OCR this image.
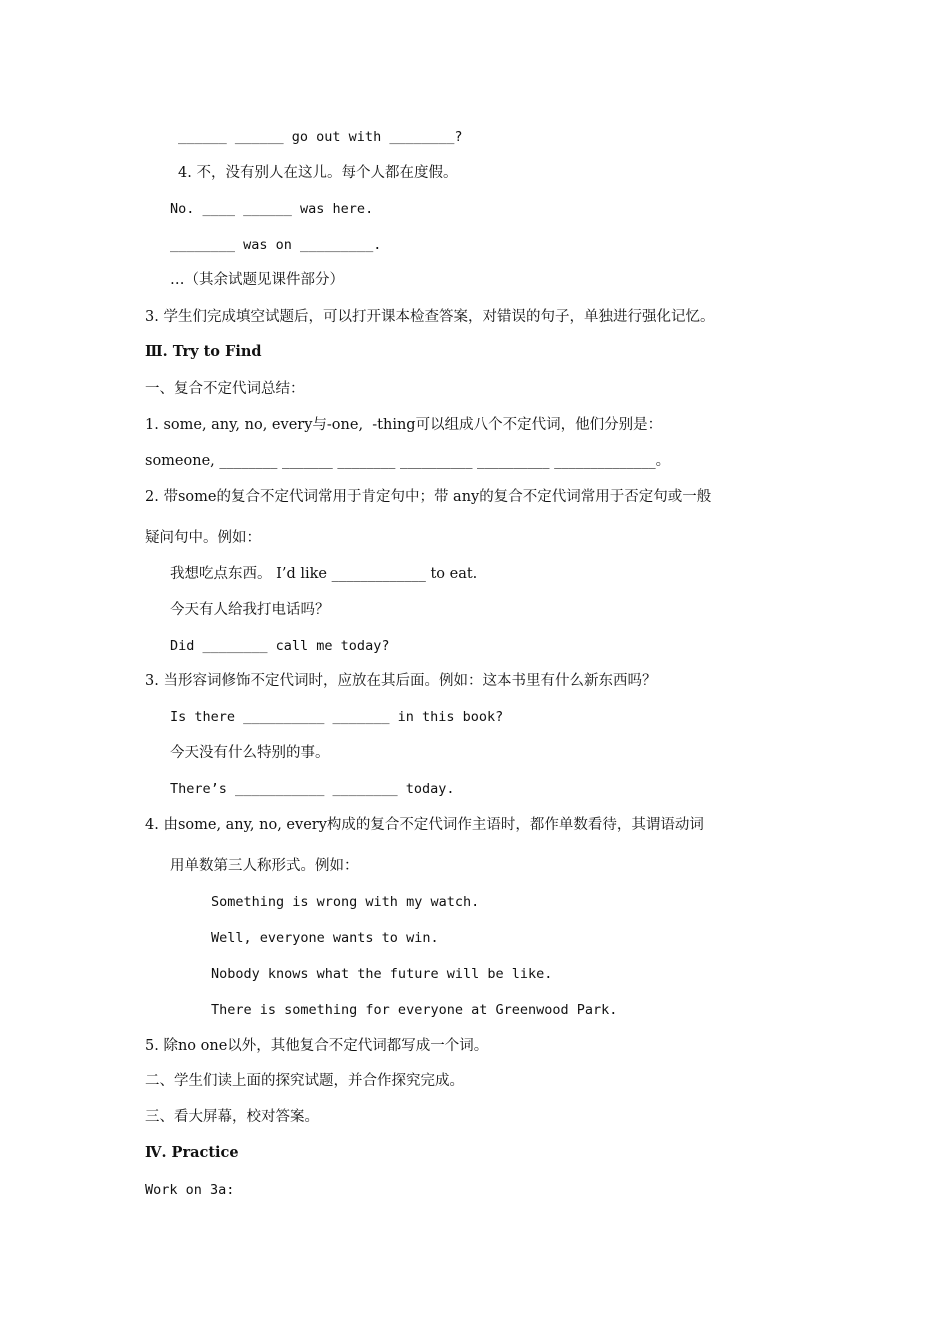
______ ______ go out with ________?
4. 不，没有别人在这儿。每个人都在度假。
No. ____ ______ was here.
________ was on _________.
…（其余试题见课件部分）
3. 学生们完成填空试题后，可以打开课本检查答案，对错误的句子，单独进行强化记忆。
Ⅲ. Try to Find
一、复合不定代词总结：
1. some, any, no, every与-one,  -thing可以组成八个不定代词，他们分别是：
someone, ________ _______ ________ __________ __________ ______________。
2. 带some的复合不定代词常用于肯定句中；带 any的复合不定代词常用于否定句或一般
疑问句中。例如：
我想吃点东西。 I’d like _____________ to eat.
今天有人给我打电话吗？
Did ________ call me today?
3. 当形容词修饰不定代词时，应放在其后面。例如：这本书里有什么新东西吗？
Is there __________ _______ in this book?
今天没有什么特别的事。
There’s ___________ ________ today.
4. 由some, any, no, every构成的复合不定代词作主语时，都作单数看待，其谓语动词
用单数第三人称形式。例如：
Something is wrong with my watch.
Well, everyone wants to win.
Nobody knows what the future will be like.
There is something for everyone at Greenwood Park.
5. 除no one以外，其他复合不定代词都写成一个词。
二、学生们读上面的探究试题，并合作探究完成。
三、看大屏幕，校对答案。
Ⅳ. Practice
Work on 3a:
